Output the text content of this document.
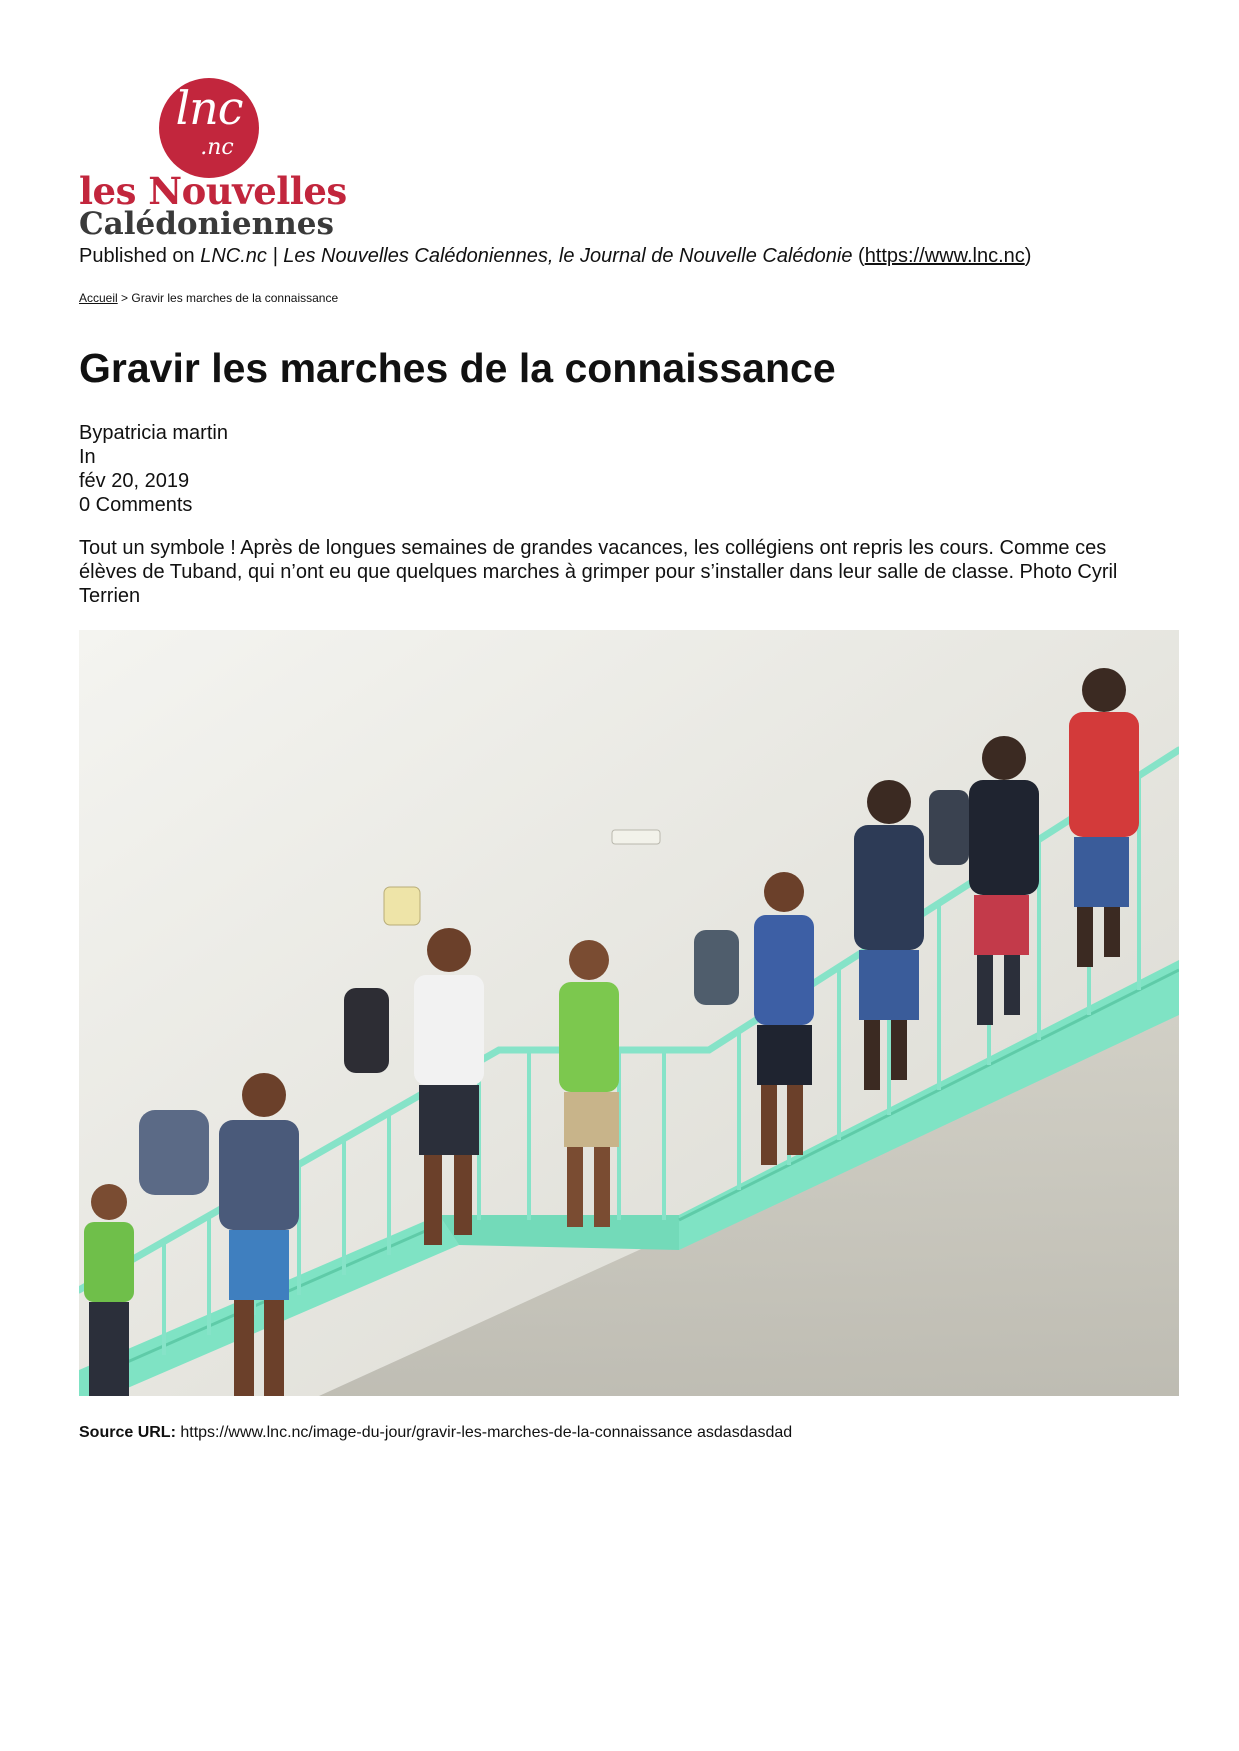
lnc
.nc
les Nouvelles
Calédoniennes
Published on LNC.nc | Les Nouvelles Calédoniennes, le Journal de Nouvelle Calédonie (https://www.lnc.nc)
Accueil > Gravir les marches de la connaissance
Gravir les marches de la connaissance
Bypatricia martin
In
fév 20, 2019
0 Comments
Tout un symbole ! Après de longues semaines de grandes vacances, les collégiens ont repris les cours. Comme ces élèves de Tuband, qui n’ont eu que quelques marches à grimper pour s’installer dans leur salle de classe. Photo Cyril Terrien
Source URL: https://www.lnc.nc/image-du-jour/gravir-les-marches-de-la-connaissance asdasdasdad
